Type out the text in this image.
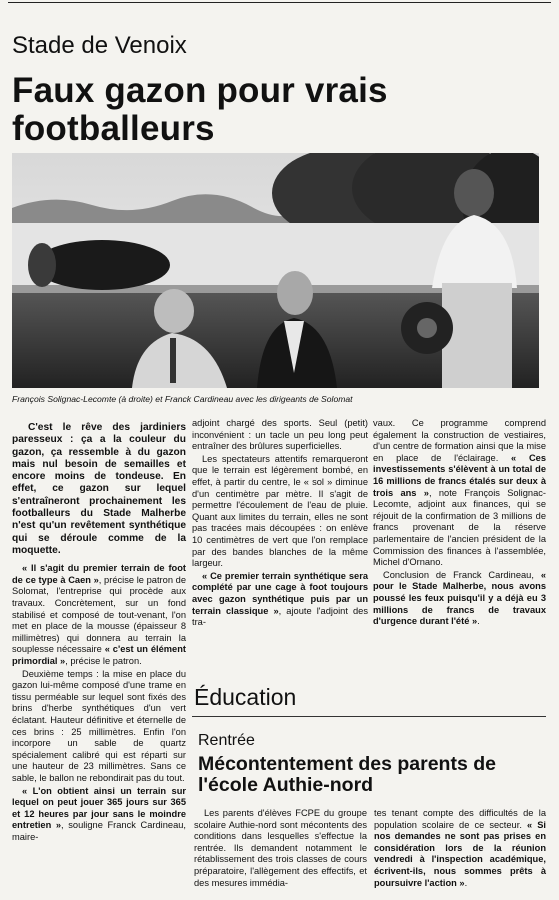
Stade de Venoix
Faux gazon pour vrais footballeurs
François Solignac-Lecomte (à droite) et Franck Cardineau avec les dirigeants de Solomat

C'est le rêve des jardiniers paresseux : ça a la couleur du gazon, ça ressemble à du gazon mais nul besoin de semailles et encore moins de tondeuse. En effet, ce gazon sur lequel s'entraîneront prochainement les footballeurs du Stade Malherbe n'est qu'un revêtement synthétique qui se déroule comme de la moquette.

« Il s'agit du premier terrain de foot de ce type à Caen », précise le patron de Solomat, l'entreprise qui procède aux travaux. Concrètement, sur un fond stabilisé et composé de tout-venant, l'on met en place de la mousse (épaisseur 8 millimètres) qui donnera au terrain la souplesse nécessaire « c'est un élément primordial », précise le patron.

Deuxième temps : la mise en place du gazon lui-même composé d'une trame en tissu perméable sur lequel sont fixés des brins d'herbe synthétiques d'un vert éclatant. Hauteur définitive et éternelle de ces brins : 25 millimètres. Enfin l'on incorpore un sable de quartz spécialement calibré qui est réparti sur une hauteur de 23 millimètres. Sans ce sable, le ballon ne rebondirait pas du tout.

« L'on obtient ainsi un terrain sur lequel on peut jouer 365 jours sur 365 et 12 heures par jour sans le moindre entretien », souligne Franck Cardineau, maire-

adjoint chargé des sports. Seul (petit) inconvénient : un tacle un peu long peut entraîner des brûlures superficielles.

Les spectateurs attentifs remarqueront que le terrain est légèrement bombé, en effet, à partir du centre, le « sol » diminue d'un centimètre par mètre. Il s'agit de permettre l'écoulement de l'eau de pluie. Quant aux limites du terrain, elles ne sont pas tracées mais découpées : on enlève 10 centimètres de vert que l'on remplace par des bandes blanches de la même largeur.

« Ce premier terrain synthétique sera complété par une cage à foot toujours avec gazon synthétique puis par un terrain classique », ajoute l'adjoint des tra-

vaux. Ce programme comprend également la construction de vestiaires, d'un centre de formation ainsi que la mise en place de l'éclairage. « Ces investissements s'élèvent à un total de 16 millions de francs étalés sur deux à trois ans », note François Solignac-Lecomte, adjoint aux finances, qui se réjouit de la confirmation de 3 millions de francs provenant de la réserve parlementaire de l'ancien président de la Commission des finances à l'assemblée, Michel d'Ornano.

Conclusion de Franck Cardineau, « pour le Stade Malherbe, nous avons poussé les feux puisqu'il y a déjà eu 3 millions de francs de travaux d'urgence durant l'été ».

Éducation
Rentrée
Mécontentement des parents de l'école Authie-nord

Les parents d'élèves FCPE du groupe scolaire Authie-nord sont mécontents des conditions dans lesquelles s'effectue la rentrée. Ils demandent notamment le rétablissement des trois classes de cours préparatoire, l'allègement des effectifs, et des mesures immédia-

tes tenant compte des difficultés de la population scolaire de ce secteur. « Si nos demandes ne sont pas prises en considération lors de la réunion vendredi à l'inspection académique, écrivent-ils, nous sommes prêts à poursuivre l'action ».
